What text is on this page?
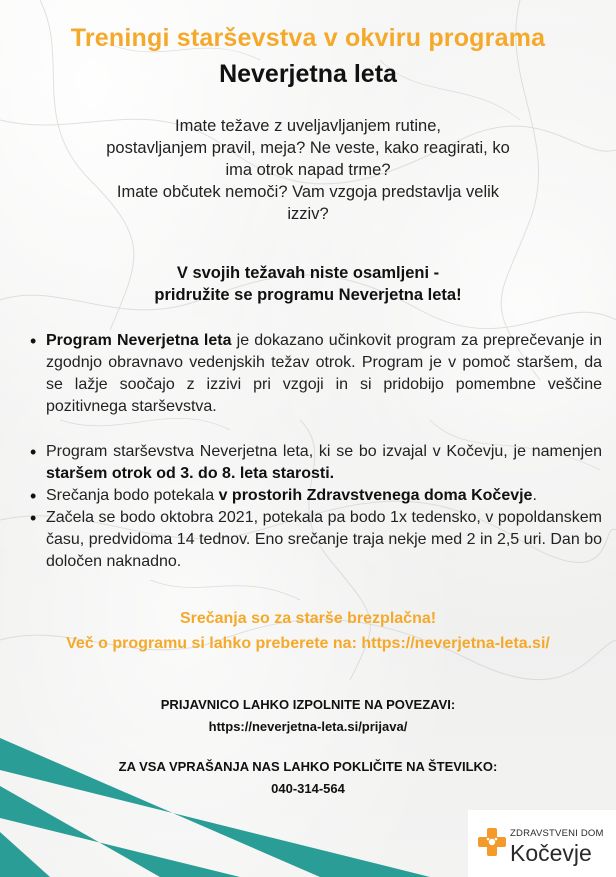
Treningi starševstva v okviru programa
Neverjetna leta

Imate težave z uveljavljanjem rutine,

postavljanjem pravil, meja? Ne veste, kako reagirati, ko

ima otrok napad trme?

Imate občutek nemoči? Vam vzgoja predstavlja velik

izziv?

V svojih težavah niste osamljeni -

pridružite se programu Neverjetna leta!

• Program Neverjetna leta je dokazano učinkovit program za preprečevanje in zgodnjo obravnavo vedenjskih težav otrok. Program je v pomoč staršem, da se lažje soočajo z izzivi pri vzgoji in si pridobijo pomembne veščine pozitivnega starševstva.
• Program starševstva Neverjetna leta, ki se bo izvajal v Kočevju, je namenjen staršem otrok od 3. do 8. leta starosti.
• Srečanja bodo potekala v prostorih Zdravstvenega doma Kočevje.
• Začela se bodo oktobra 2021, potekala pa bodo 1x tedensko, v popoldanskem času, predvidoma 14 tednov. Eno srečanje traja nekje med 2 in 2,5 uri. Dan bo določen naknadno.

Srečanja so za starše brezplačna!

Več o programu si lahko preberete na: https://neverjetna-leta.si/

PRIJAVNICO LAHKO IZPOLNITE NA POVEZAVI:

https://neverjetna-leta.si/prijava/

ZA VSA VPRAŠANJA NAS LAHKO POKLIČITE NA ŠTEVILKO:

040-314-564

ZDRAVSTVENI DOM
Kočevje
